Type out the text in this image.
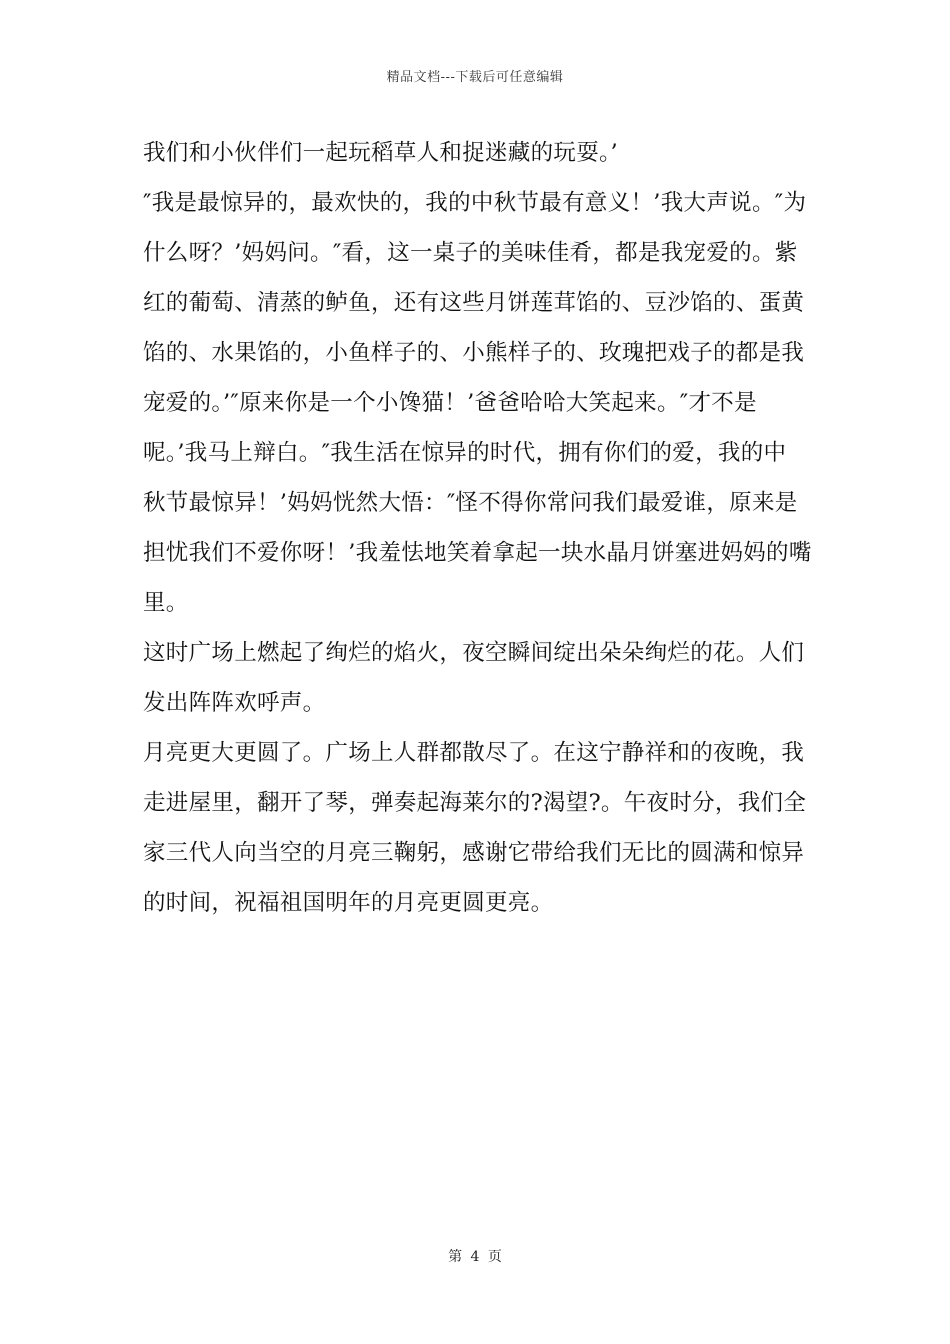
精品文档---下载后可任意编辑
我们和小伙伴们一起玩稻草人和捉迷藏的玩耍。’
″我是最惊异的，最欢快的，我的中秋节最有意义！’我大声说。″为
什么呀？’妈妈问。″看，这一桌子的美味佳肴，都是我宠爱的。紫
红的葡萄、清蒸的鲈鱼，还有这些月饼莲茸馅的、豆沙馅的、蛋黄
馅的、水果馅的，小鱼样子的、小熊样子的、玫瑰把戏子的都是我
宠爱的。’″原来你是一个小馋猫！’爸爸哈哈大笑起来。″才不是
呢。’我马上辩白。″我生活在惊异的时代，拥有你们的爱，我的中
秋节最惊异！’妈妈恍然大悟：″怪不得你常问我们最爱谁，原来是
担忧我们不爱你呀！’我羞怯地笑着拿起一块水晶月饼塞进妈妈的嘴
里。
这时广场上燃起了绚烂的焰火，夜空瞬间绽出朵朵绚烂的花。人们
发出阵阵欢呼声。
月亮更大更圆了。广场上人群都散尽了。在这宁静祥和的夜晚，我
走进屋里，翻开了琴，弹奏起海莱尔的?渴望?。午夜时分，我们全
家三代人向当空的月亮三鞠躬，感谢它带给我们无比的圆满和惊异
的时间，祝福祖国明年的月亮更圆更亮。
第 4 页
